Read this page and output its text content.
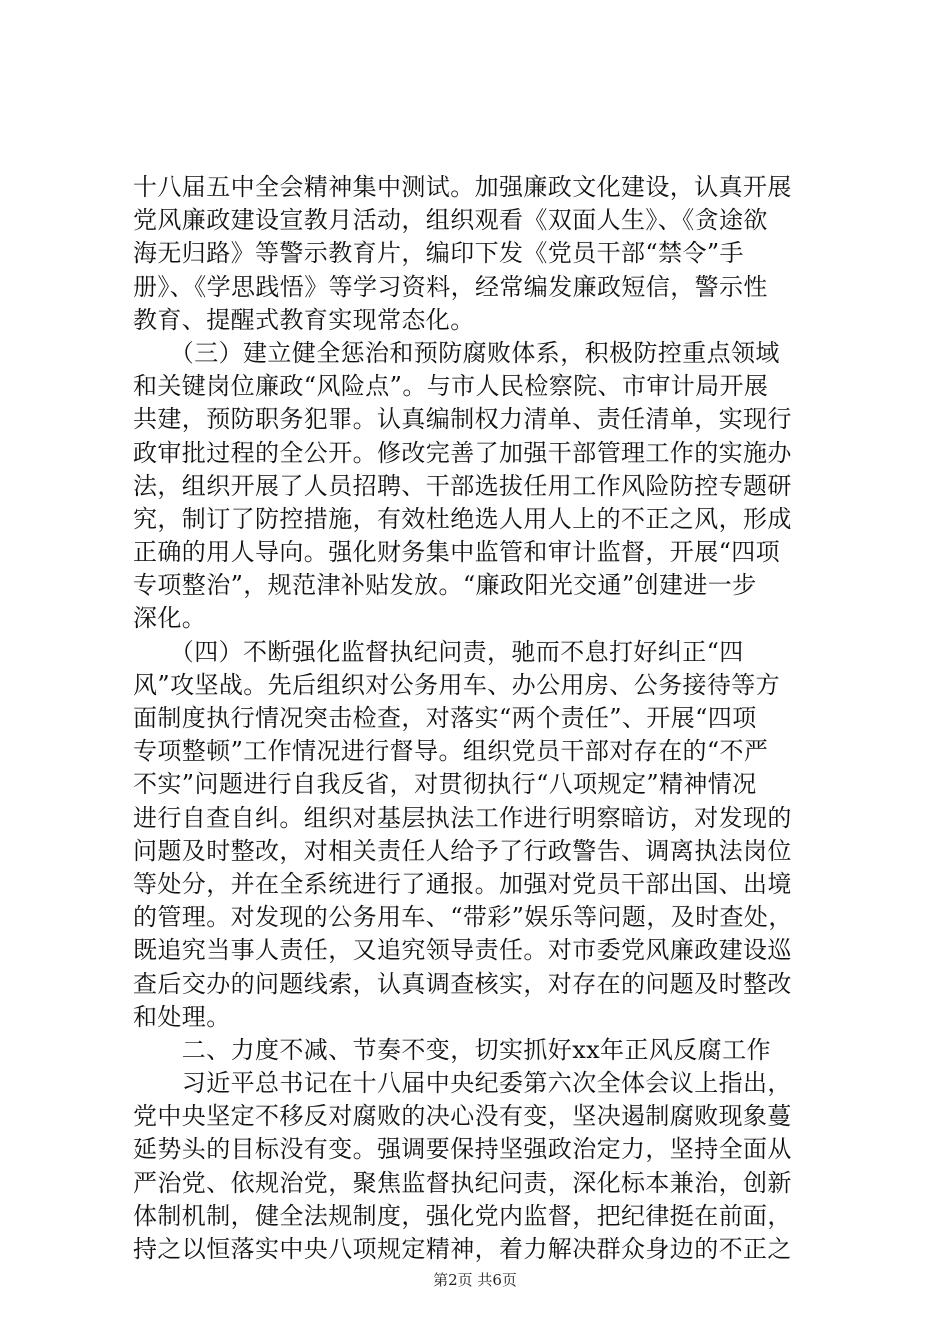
十八届五中全会精神集中测试。加强廉政文化建设，认真开展
党风廉政建设宣教月活动，组织观看《双面人生》、《贪途欲
海无归路》等警示教育片，编印下发《党员干部“禁令”手
册》、《学思践悟》等学习资料，经常编发廉政短信，警示性
教育、提醒式教育实现常态化。
　　（三）建立健全惩治和预防腐败体系，积极防控重点领域
和关键岗位廉政“风险点”。与市人民检察院、市审计局开展
共建，预防职务犯罪。认真编制权力清单、责任清单，实现行
政审批过程的全公开。修改完善了加强干部管理工作的实施办
法，组织开展了人员招聘、干部选拔任用工作风险防控专题研
究，制订了防控措施，有效杜绝选人用人上的不正之风，形成
正确的用人导向。强化财务集中监管和审计监督，开展“四项
专项整治”，规范津补贴发放。“廉政阳光交通”创建进一步
深化。
　　（四）不断强化监督执纪问责，驰而不息打好纠正“四
风”攻坚战。先后组织对公务用车、办公用房、公务接待等方
面制度执行情况突击检查，对落实“两个责任”、开展“四项
专项整顿”工作情况进行督导。组织党员干部对存在的“不严
不实”问题进行自我反省，对贯彻执行“八项规定”精神情况
进行自查自纠。组织对基层执法工作进行明察暗访，对发现的
问题及时整改，对相关责任人给予了行政警告、调离执法岗位
等处分，并在全系统进行了通报。加强对党员干部出国、出境
的管理。对发现的公务用车、“带彩”娱乐等问题，及时查处，
既追究当事人责任，又追究领导责任。对市委党风廉政建设巡
查后交办的问题线索，认真调查核实，对存在的问题及时整改
和处理。
　　二、力度不减、节奏不变，切实抓好xx年正风反腐工作
　　习近平总书记在十八届中央纪委第六次全体会议上指出，
党中央坚定不移反对腐败的决心没有变，坚决遏制腐败现象蔓
延势头的目标没有变。强调要保持坚强政治定力，坚持全面从
严治党、依规治党，聚焦监督执纪问责，深化标本兼治，创新
体制机制，健全法规制度，强化党内监督，把纪律挺在前面，
持之以恒落实中央八项规定精神，着力解决群众身边的不正之
第2页 共6页
